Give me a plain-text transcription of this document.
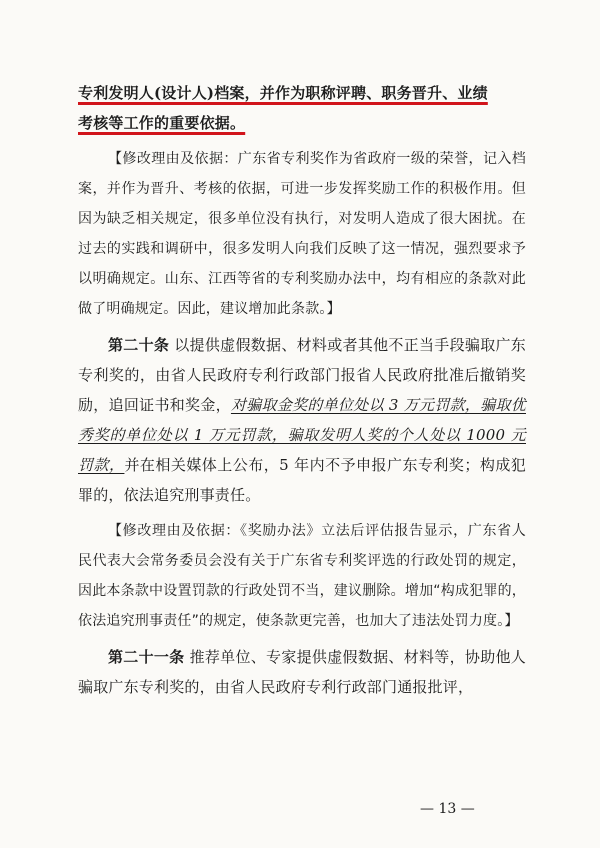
专利发明人(设计人)档案，并作为职称评聘、职务晋升、业绩

考核等工作的重要依据。

【修改理由及依据：广东省专利奖作为省政府一级的荣誉，记入档案，并作为晋升、考核的依据，可进一步发挥奖励工作的积极作用。但因为缺乏相关规定，很多单位没有执行，对发明人造成了很大困扰。在过去的实践和调研中，很多发明人向我们反映了这一情况，强烈要求予以明确规定。山东、江西等省的专利奖励办法中，均有相应的条款对此做了明确规定。因此，建议增加此条款。】

第二十条 以提供虚假数据、材料或者其他不正当手段骗取广东专利奖的，由省人民政府专利行政部门报省人民政府批准后撤销奖励，追回证书和奖金，对骗取金奖的单位处以 3 万元罚款，骗取优秀奖的单位处以 1 万元罚款，骗取发明人奖的个人处以 1000 元罚款，并在相关媒体上公布，5 年内不予申报广东专利奖；构成犯罪的，依法追究刑事责任。

【修改理由及依据：《奖励办法》立法后评估报告显示，广东省人民代表大会常务委员会没有关于广东省专利奖评选的行政处罚的规定，因此本条款中设置罚款的行政处罚不当，建议删除。增加“构成犯罪的，依法追究刑事责任”的规定，使条款更完善，也加大了违法处罚力度。】

第二十一条 推荐单位、专家提供虚假数据、材料等，协助他人骗取广东专利奖的，由省人民政府专利行政部门通报批评，

— 13 —
